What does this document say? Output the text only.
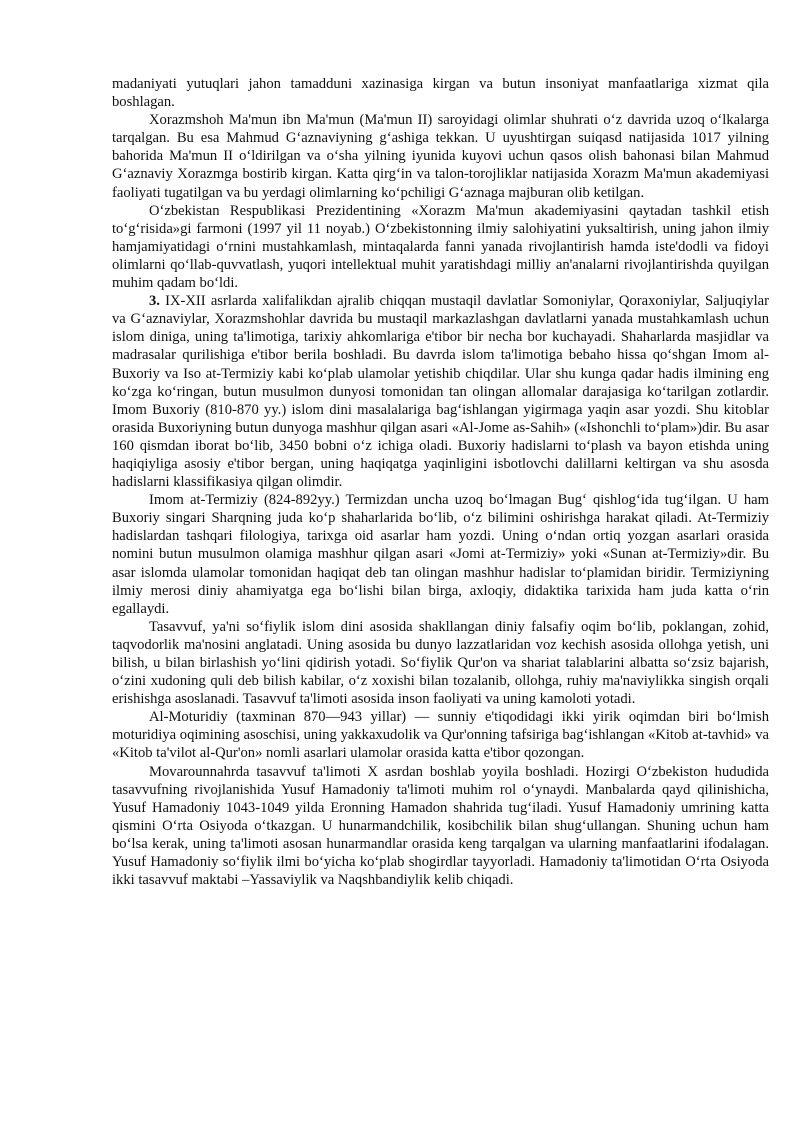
madaniyati yutuqlari jahon tamadduni xazinasiga kirgan va butun insoniyat manfaatlariga xizmat qila boshlagan.

Xorazmshoh Ma'mun ibn Ma'mun (Ma'mun II) saroyidagi olimlar shuhrati oʻz davrida uzoq oʻlkalarga tarqalgan. Bu esa Mahmud Gʻaznaviyning gʻashiga tekkan. U uyushtirgan suiqasd natijasida 1017 yilning bahorida Ma'mun II oʻldirilgan va oʻsha yilning iyunida kuyovi uchun qasos olish bahonasi bilan Mahmud Gʻaznaviy Xorazmga bostirib kirgan. Katta qirgʻin va talon-torojliklar natijasida Xorazm Ma'mun akademiyasi faoliyati tugatilgan va bu yerdagi olimlarning koʻpchiligi Gʻaznaga majburan olib ketilgan.

Oʻzbekistan Respublikasi Prezidentining «Xorazm Ma'mun akademiyasini qaytadan tashkil etish toʻgʻrisida»gi farmoni (1997 yil 11 noyab.) Oʻzbekistonning ilmiy salohiyatini yuksaltirish, uning jahon ilmiy hamjamiyatidagi oʻrnini mustahkamlash, mintaqalarda fanni yanada rivojlantirish hamda iste'dodli va fidoyi olimlarni qoʻllab-quvvatlash, yuqori intellektual muhit yaratishdagi milliy an'analarni rivojlantirishda quyilgan muhim qadam boʻldi.

3. IX-XII asrlarda xalifalikdan ajralib chiqqan mustaqil davlatlar Somoniylar, Qoraxoniylar, Saljuqiylar va Gʻaznaviylar, Xorazmshohlar davrida bu mustaqil markazlashgan davlatlarni yanada mustahkamlash uchun islom diniga, uning ta'limotiga, tarixiy ahkomlariga e'tibor bir necha bor kuchayadi. Shaharlarda masjidlar va madrasalar qurilishiga e'tibor berila boshladi. Bu davrda islom ta'limotiga bebaho hissa qoʻshgan Imom al-Buxoriy va Iso at-Termiziy kabi koʻplab ulamolar yetishib chiqdilar. Ular shu kunga qadar hadis ilmining eng koʻzga koʻringan, butun musulmon dunyosi tomonidan tan olingan allomalar darajasiga koʻtarilgan zotlardir. Imom Buxoriy (810-870 yy.) islom dini masalalariga bagʻishlangan yigirmaga yaqin asar yozdi. Shu kitoblar orasida Buxoriyning butun dunyoga mashhur qilgan asari «Al-Jome as-Sahih» («Ishonchli toʻplam»)dir. Bu asar 160 qismdan iborat boʻlib, 3450 bobni oʻz ichiga oladi. Buxoriy hadislarni toʻplash va bayon etishda uning haqiqiyliga asosiy e'tibor bergan, uning haqiqatga yaqinligini isbotlovchi dalillarni keltirgan va shu asosda hadislarni klassifikasiya qilgan olimdir.

Imom at-Termiziy (824-892yy.) Termizdan uncha uzoq boʻlmagan Bugʻ qishlogʻida tugʻilgan. U ham Buxoriy singari Sharqning juda koʻp shaharlarida boʻlib, oʻz bilimini oshirishga harakat qiladi. At-Termiziy hadislardan tashqari filologiya, tarixga oid asarlar ham yozdi. Uning oʻndan ortiq yozgan asarlari orasida nomini butun musulmon olamiga mashhur qilgan asari «Jomi at-Termiziy» yoki «Sunan at-Termiziy»dir. Bu asar islomda ulamolar tomonidan haqiqat deb tan olingan mashhur hadislar toʻplamidan biridir. Termiziyning ilmiy merosi diniy ahamiyatga ega boʻlishi bilan birga, axloqiy, didaktika tarixida ham juda katta oʻrin egallaydi.

Tasavvuf, ya'ni soʻfiylik islom dini asosida shakllangan diniy falsafiy oqim boʻlib, poklangan, zohid, taqvodorlik ma'nosini anglatadi. Uning asosida bu dunyo lazzatlaridan voz kechish asosida ollohga yetish, uni bilish, u bilan birlashish yoʻlini qidirish yotadi. Soʻfiylik Qur'on va shariat talablarini albatta soʻzsiz bajarish, oʻzini xudoning quli deb bilish kabilar, oʻz xoxishi bilan tozalanib, ollohga, ruhiy ma'naviylikka singish orqali erishishga asoslanadi. Tasavvuf ta'limoti asosida inson faoliyati va uning kamoloti yotadi.

Al-Moturidiy (taxminan 870—943 yillar) — sunniy e'tiqodidagi ikki yirik oqimdan biri boʻlmish moturidiya oqimining asoschisi, uning yakkaxudolik va Qur'onning tafsiriga bagʻishlangan «Kitob at-tavhid» va «Kitob ta'vilot al-Qur'on» nomli asarlari ulamolar orasida katta e'tibor qozongan.

Movarounnahrda tasavvuf ta'limoti X asrdan boshlab yoyila boshladi. Hozirgi Oʻzbekiston hududida tasavvufning rivojlanishida Yusuf Hamadoniy ta'limoti muhim rol oʻynaydi. Manbalarda qayd qilinishicha, Yusuf Hamadoniy 1043-1049 yilda Eronning Hamadon shahrida tugʻiladi. Yusuf Hamadoniy umrining katta qismini Oʻrta Osiyoda oʻtkazgan. U hunarmandchilik, kosibchilik bilan shugʻullangan. Shuning uchun ham boʻlsa kerak, uning ta'limoti asosan hunarmandlar orasida keng tarqalgan va ularning manfaatlarini ifodalagan. Yusuf Hamadoniy soʻfiylik ilmi boʻyicha koʻplab shogirdlar tayyorladi. Hamadoniy ta'limotidan Oʻrta Osiyoda ikki tasavvuf maktabi –Yassaviylik va Naqshbandiylik kelib chiqadi.
